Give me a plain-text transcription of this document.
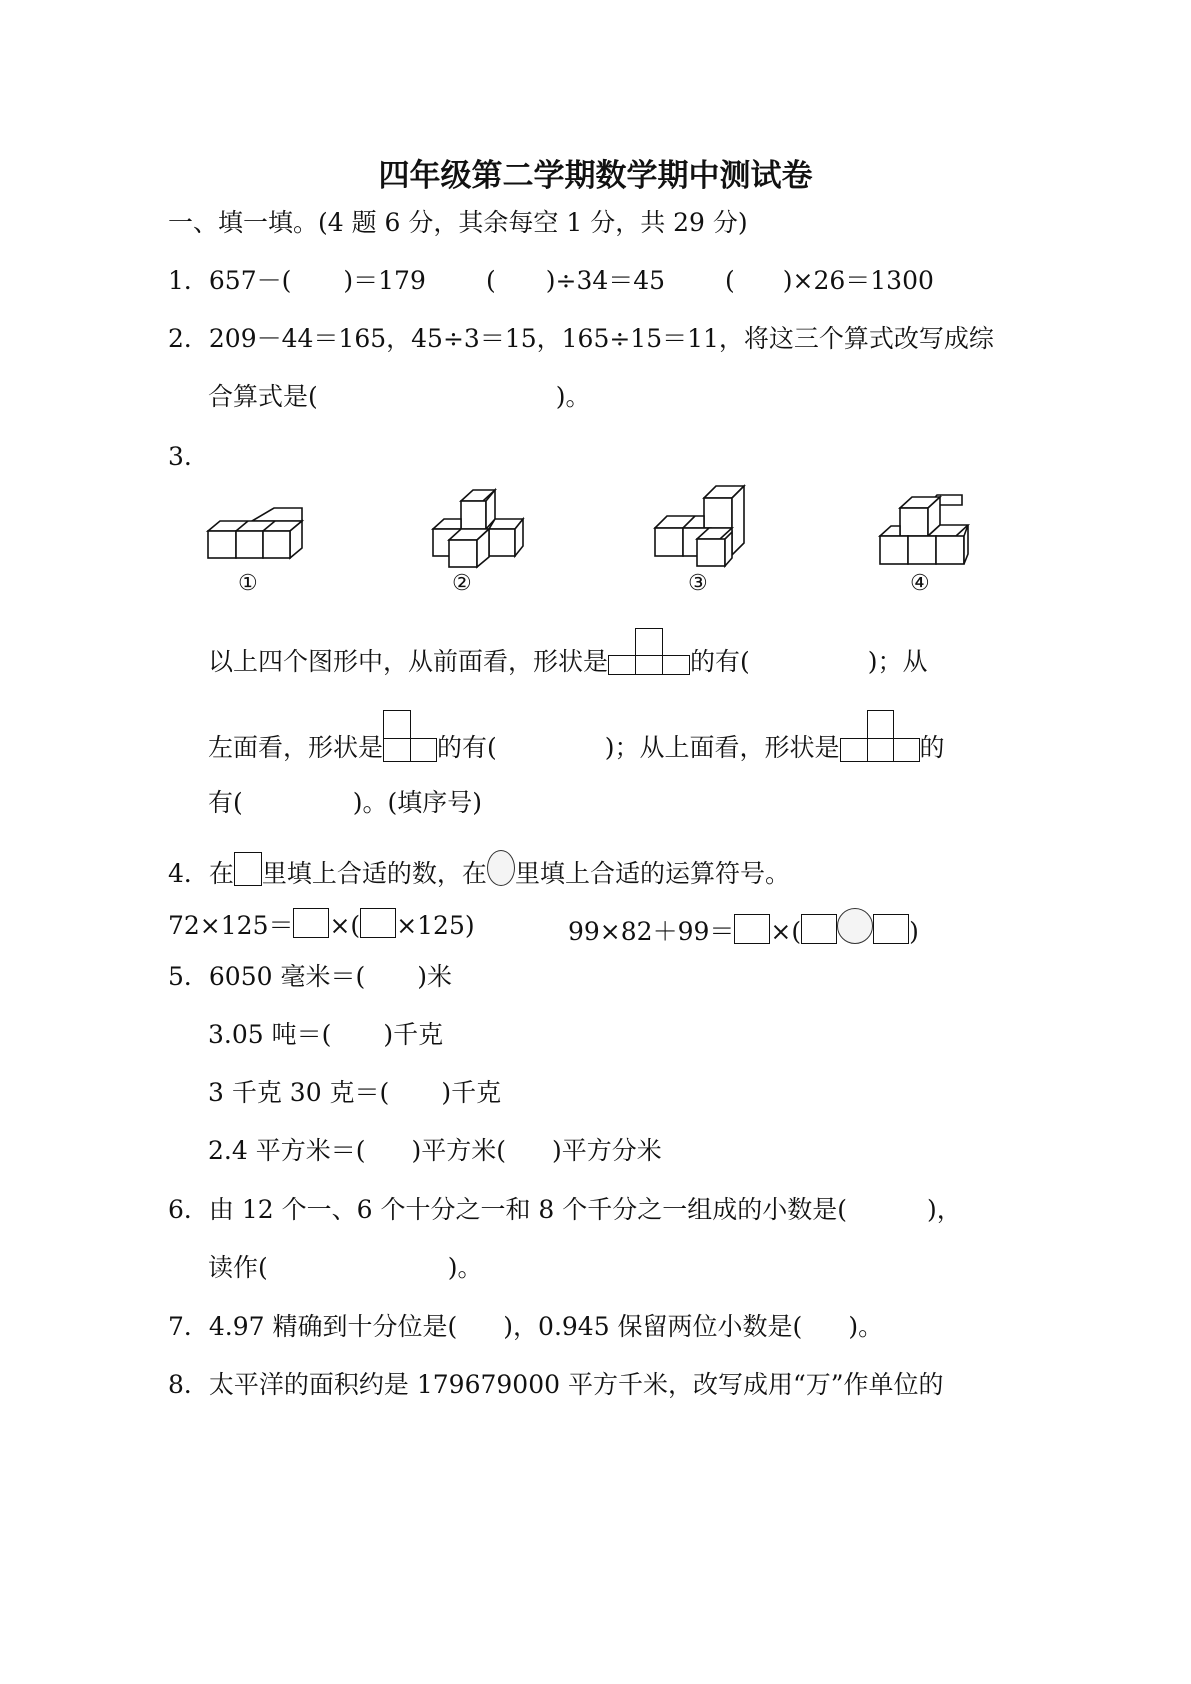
四年级第二学期数学期中测试卷
一、填一填。(4 题 6 分，其余每空 1 分，共 29 分)
1．657－( )＝179 ( )÷34＝45 ( )×26＝1300
2．209－44＝165，45÷3＝15，165÷15＝11，将这三个算式改写成综
合算式是(	)。
3.
①	②	③	④
以上四个图形中，从前面看，形状是	的有(	)；从
左面看，形状是 的有(	)；从上面看，形状是	的
有(	)。(填序号)
4．在 里填上合适的数，在 里填上合适的运算符号。
72×125＝ ×( ×125)	99×82＋99＝ ×(	)
5．6050 毫米＝( )米
3.05 吨＝( )千克
3 千克 30 克＝( )千克
2.4 平方米＝( )平方米( )平方分米
6．由 12 个一、6 个十分之一和 8 个千分之一组成的小数是(	)，
读作(	)。
7．4.97 精确到十分位是( )，0.945 保留两位小数是( )。
8．太平洋的面积约是 179679000 平方千米，改写成用“万”作单位的
